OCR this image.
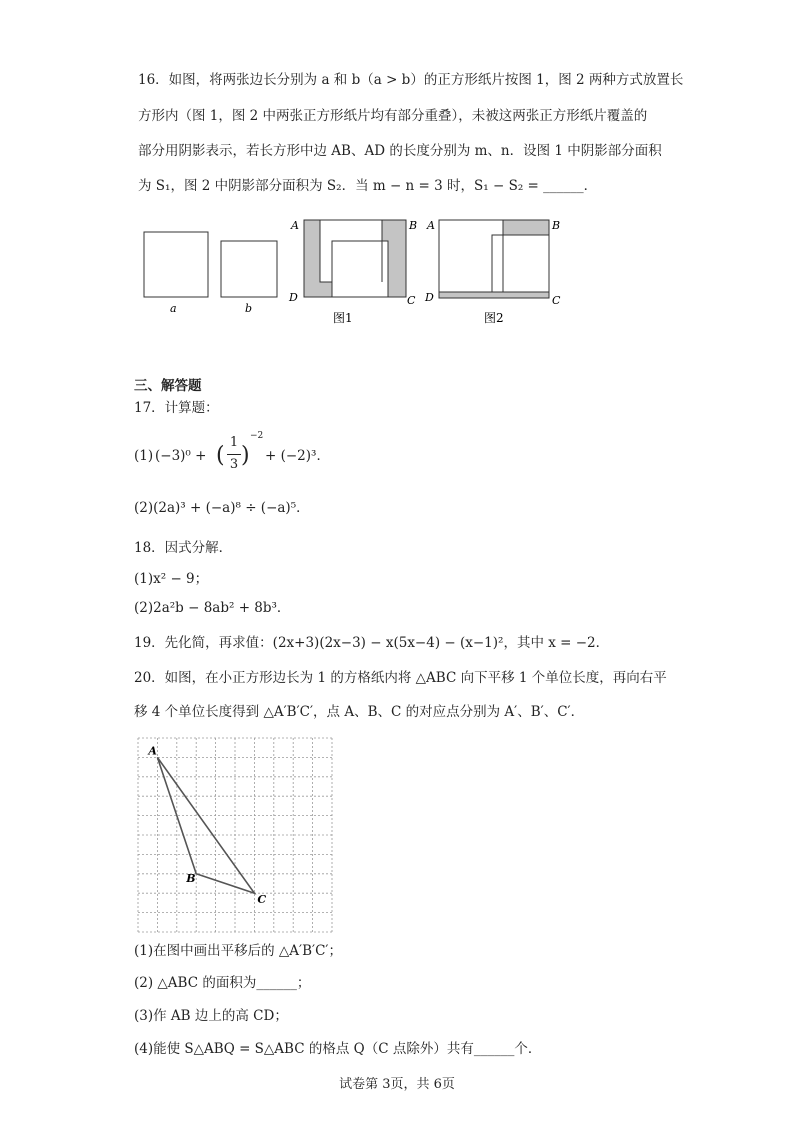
16．如图，将两张边长分别为 a 和 b（a > b）的正方形纸片按图 1，图 2 两种方式放置长
方形内（图 1，图 2 中两张正方形纸片均有部分重叠），未被这两张正方形纸片覆盖的
部分用阴影表示，若长方形中边 AB、AD 的长度分别为 m、n．设图 1 中阴影部分面积
为 S₁，图 2 中阴影部分面积为 S₂．当 m − n = 3 时，S₁ − S₂ = ______．
a	b
A	B
D	C
图1
A	B
D	C
图2
三、解答题
17．计算题：
(1) (−3)⁰ + (
1
3 )
−2
+ (−2)³．
(2)(2a)³ + (−a)⁸ ÷ (−a)⁵．
18．因式分解．
(1)x² − 9；
(2)2a²b − 8ab² + 8b³．
19．先化简，再求值：(2x+3)(2x−3) − x(5x−4) − (x−1)²，其中 x = −2．
20．如图，在小正方形边长为 1 的方格纸内将 △ABC 向下平移 1 个单位长度，再向右平
移 4 个单位长度得到 △A′B′C′，点 A、B、C 的对应点分别为 A′、B′、C′．
A
B
C
(1)在图中画出平移后的 △A′B′C′；
(2) △ABC 的面积为______；
(3)作 AB 边上的高 CD；
(4)能使 S△ABQ = S△ABC 的格点 Q（C 点除外）共有______个．
试卷第 3页，共 6页
